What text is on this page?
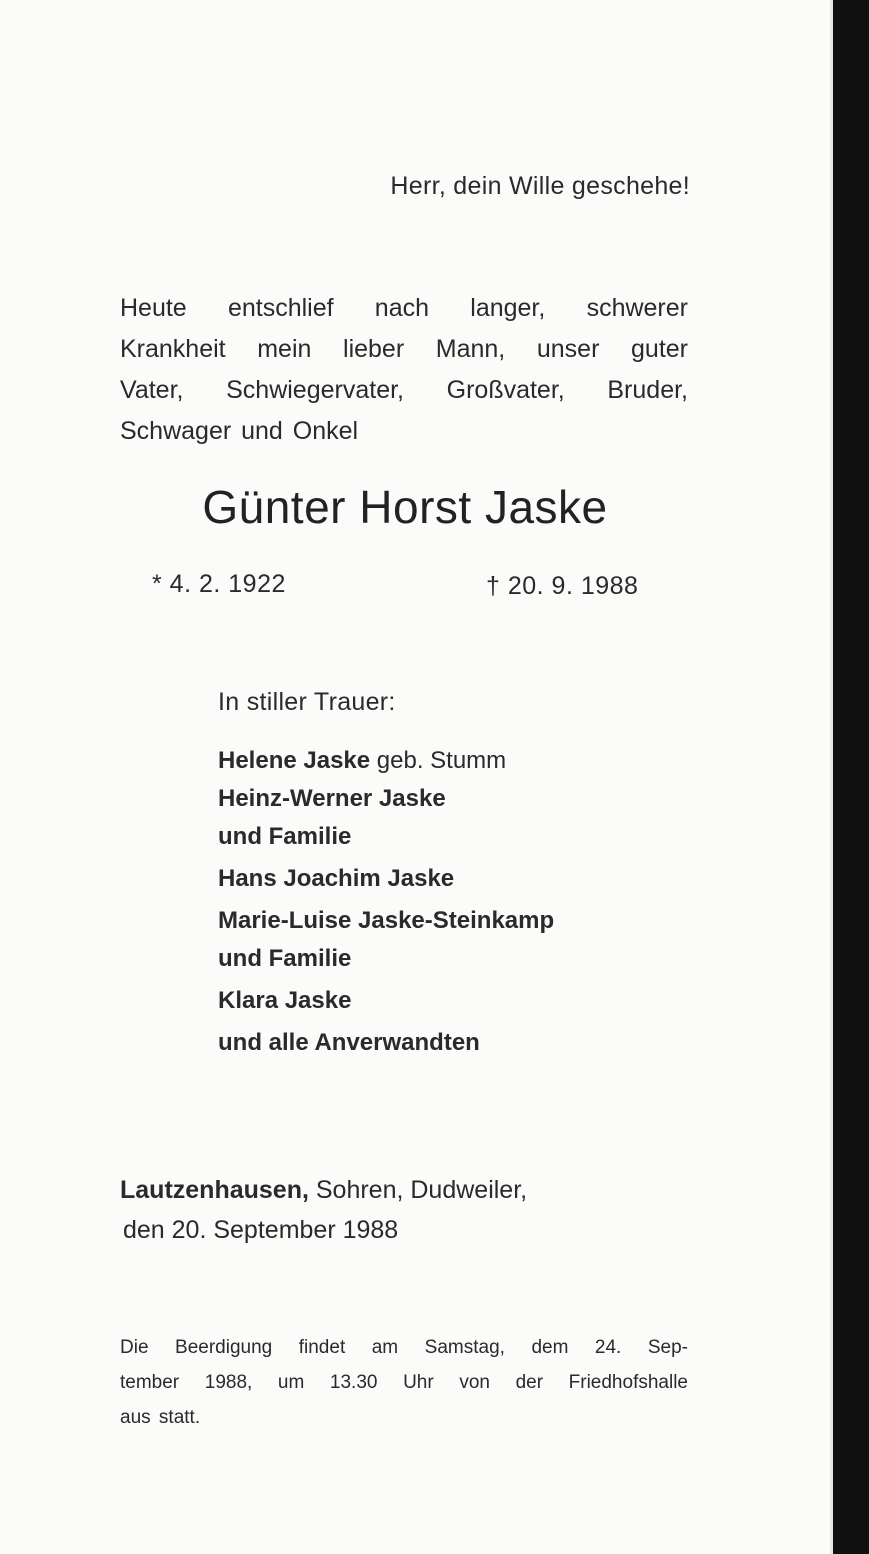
Herr, dein Wille geschehe!

Heute entschlief nach langer, schwerer
Krankheit mein lieber Mann, unser guter
Vater, Schwiegervater, Großvater, Bruder,
Schwager und Onkel

Günter Horst Jaske
* 4. 2. 1922	† 20. 9. 1988
In stiller Trauer:
Helene Jaske geb. Stumm
Heinz-Werner Jaske
und Familie
Hans Joachim Jaske
Marie-Luise Jaske-Steinkamp
und Familie
Klara Jaske
und alle Anverwandten
Lautzenhausen, Sohren, Dudweiler,
den 20. September 1988

Die Beerdigung findet am Samstag, dem 24. Sep-
tember 1988, um 13.30 Uhr von der Friedhofshalle
aus statt.
